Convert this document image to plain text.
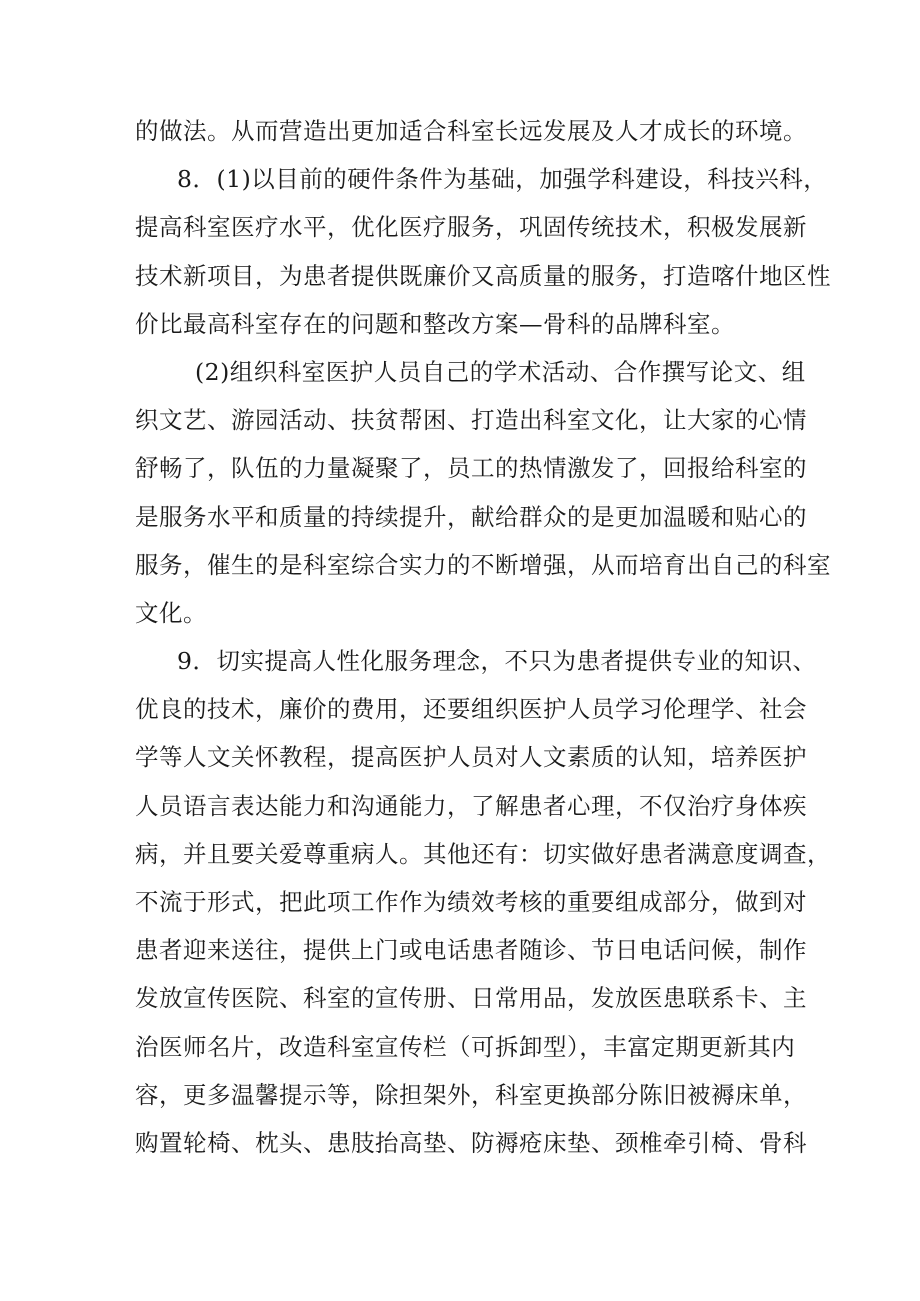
的做法。从而营造出更加适合科室长远发展及人才成长的环境。
8．(1)以目前的硬件条件为基础，加强学科建设，科技兴科，
提高科室医疗水平，优化医疗服务，巩固传统技术，积极发展新
技术新项目，为患者提供既廉价又高质量的服务，打造喀什地区性
价比最高科室存在的问题和整改方案—骨科的品牌科室。
(2)组织科室医护人员自己的学术活动、合作撰写论文、组
织文艺、游园活动、扶贫帮困、打造出科室文化，让大家的心情
舒畅了，队伍的力量凝聚了，员工的热情激发了，回报给科室的
是服务水平和质量的持续提升，献给群众的是更加温暖和贴心的
服务，催生的是科室综合实力的不断增强，从而培育出自己的科室
文化。
9．切实提高人性化服务理念，不只为患者提供专业的知识、
优良的技术，廉价的费用，还要组织医护人员学习伦理学、社会
学等人文关怀教程，提高医护人员对人文素质的认知，培养医护
人员语言表达能力和沟通能力，了解患者心理，不仅治疗身体疾
病，并且要关爱尊重病人。其他还有：切实做好患者满意度调查，
不流于形式，把此项工作作为绩效考核的重要组成部分，做到对
患者迎来送往，提供上门或电话患者随诊、节日电话问候，制作
发放宣传医院、科室的宣传册、日常用品，发放医患联系卡、主
治医师名片，改造科室宣传栏（可拆卸型），丰富定期更新其内
容，更多温馨提示等，除担架外，科室更换部分陈旧被褥床单，
购置轮椅、枕头、患肢抬高垫、防褥疮床垫、颈椎牵引椅、骨科
